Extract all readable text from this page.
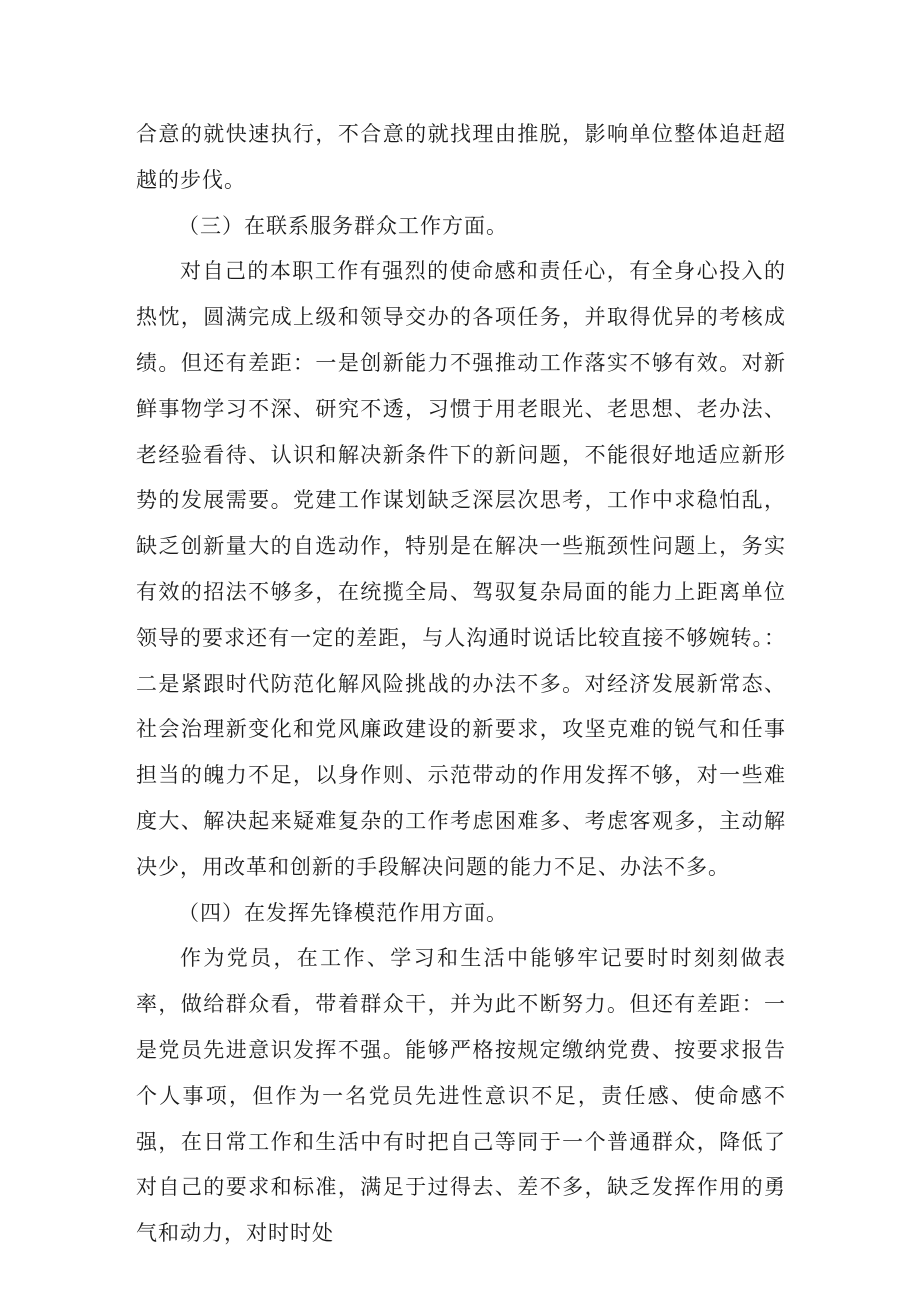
合意的就快速执行，不合意的就找理由推脱，影响单位整体追赶超越的步伐。

（三）在联系服务群众工作方面。

对自己的本职工作有强烈的使命感和责任心，有全身心投入的热忱，圆满完成上级和领导交办的各项任务，并取得优异的考核成绩。但还有差距：一是创新能力不强推动工作落实不够有效。对新鲜事物学习不深、研究不透，习惯于用老眼光、老思想、老办法、老经验看待、认识和解决新条件下的新问题，不能很好地适应新形势的发展需要。党建工作谋划缺乏深层次思考，工作中求稳怕乱，缺乏创新量大的自选动作，特别是在解决一些瓶颈性问题上，务实有效的招法不够多，在统揽全局、驾驭复杂局面的能力上距离单位领导的要求还有一定的差距，与人沟通时说话比较直接不够婉转。：二是紧跟时代防范化解风险挑战的办法不多。对经济发展新常态、社会治理新变化和党风廉政建设的新要求，攻坚克难的锐气和任事担当的魄力不足，以身作则、示范带动的作用发挥不够，对一些难度大、解决起来疑难复杂的工作考虑困难多、考虑客观多，主动解决少，用改革和创新的手段解决问题的能力不足、办法不多。

（四）在发挥先锋模范作用方面。

作为党员，在工作、学习和生活中能够牢记要时时刻刻做表率，做给群众看，带着群众干，并为此不断努力。但还有差距：一是党员先进意识发挥不强。能够严格按规定缴纳党费、按要求报告个人事项，但作为一名党员先进性意识不足，责任感、使命感不强，在日常工作和生活中有时把自己等同于一个普通群众，降低了对自己的要求和标准，满足于过得去、差不多，缺乏发挥作用的勇气和动力，对时时处
